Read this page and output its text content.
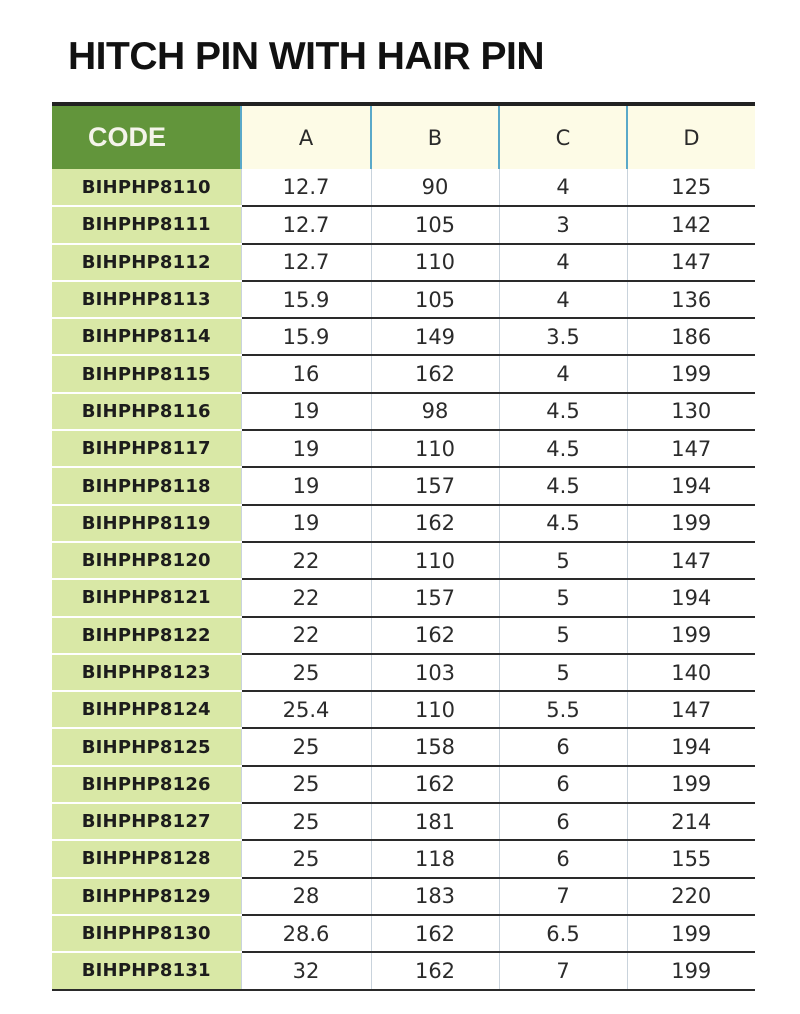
HITCH PIN WITH HAIR PIN
CODE	A	B	C	D
BIHPHP8110	12.7	90	4	125
BIHPHP8111	12.7	105	3	142
BIHPHP8112	12.7	110	4	147
BIHPHP8113	15.9	105	4	136
BIHPHP8114	15.9	149	3.5	186
BIHPHP8115	16	162	4	199
BIHPHP8116	19	98	4.5	130
BIHPHP8117	19	110	4.5	147
BIHPHP8118	19	157	4.5	194
BIHPHP8119	19	162	4.5	199
BIHPHP8120	22	110	5	147
BIHPHP8121	22	157	5	194
BIHPHP8122	22	162	5	199
BIHPHP8123	25	103	5	140
BIHPHP8124	25.4	110	5.5	147
BIHPHP8125	25	158	6	194
BIHPHP8126	25	162	6	199
BIHPHP8127	25	181	6	214
BIHPHP8128	25	118	6	155
BIHPHP8129	28	183	7	220
BIHPHP8130	28.6	162	6.5	199
BIHPHP8131	32	162	7	199
